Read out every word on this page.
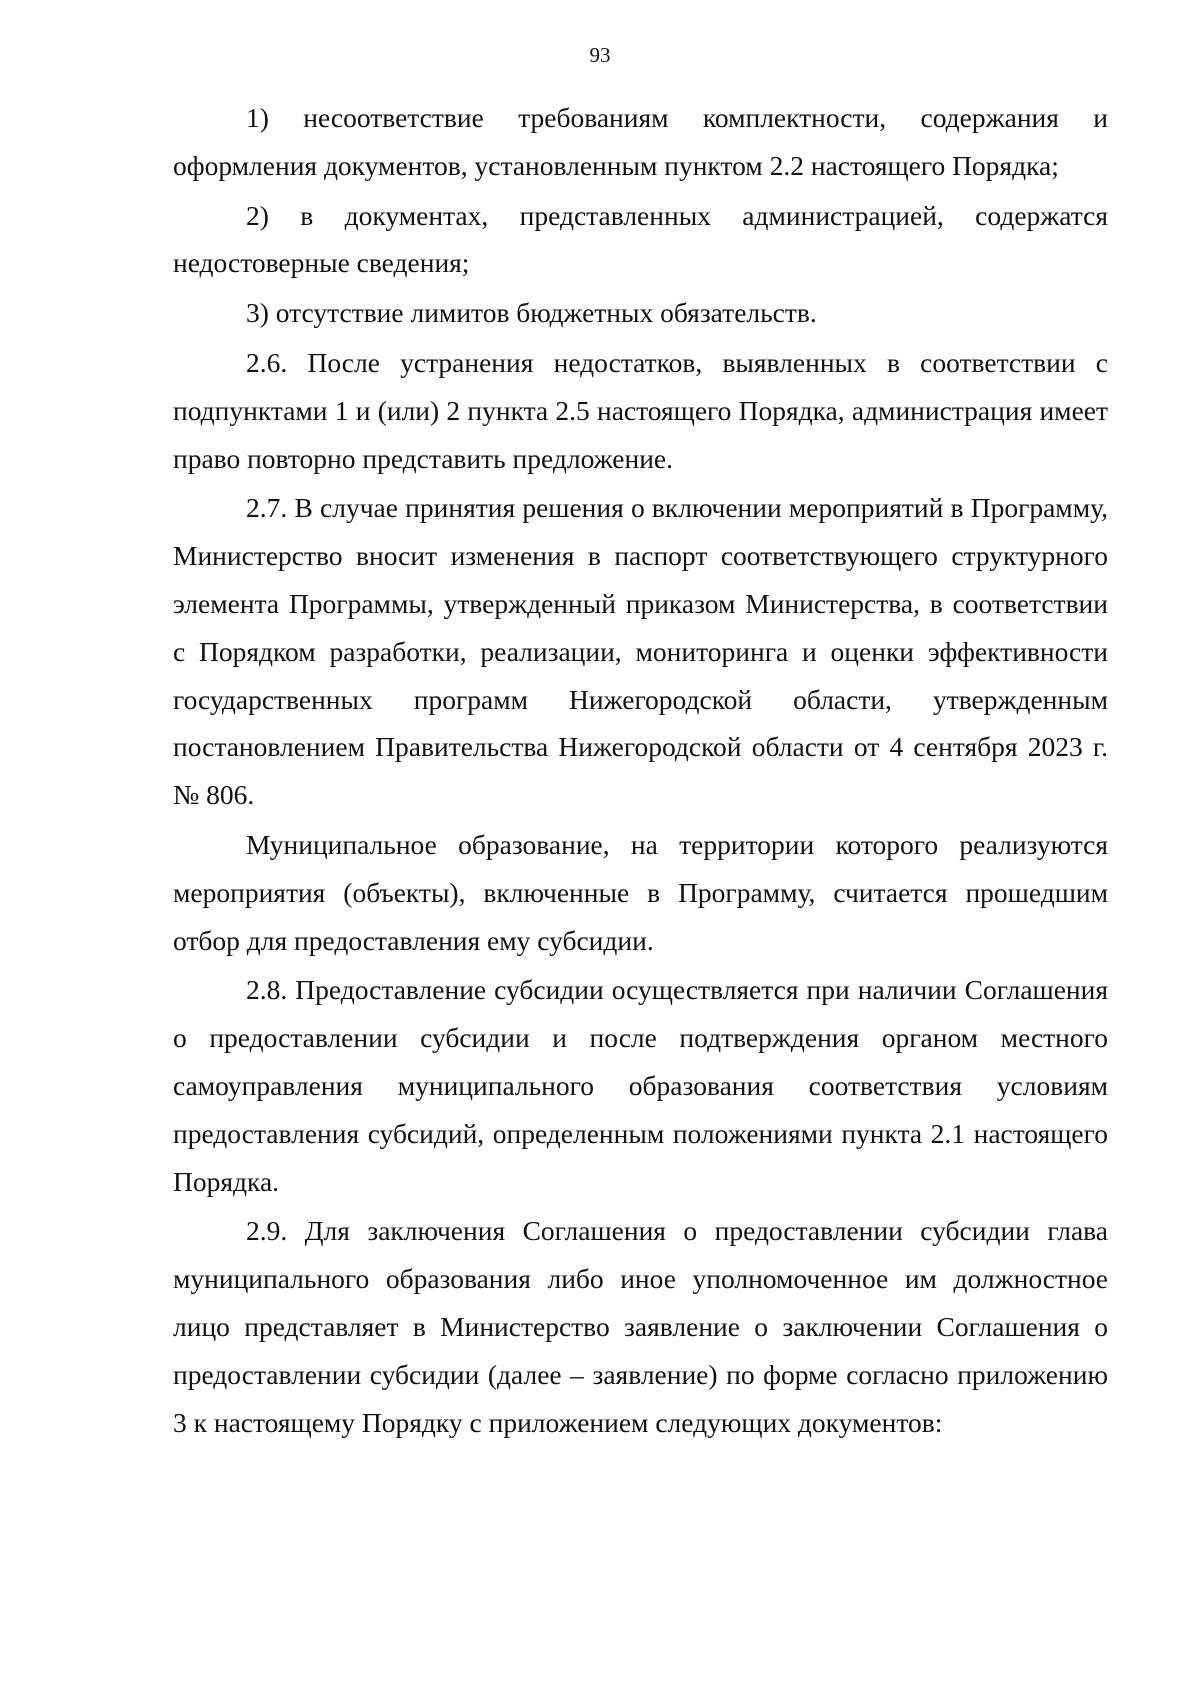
93

1) несоответствие требованиям комплектности, содержания и оформления документов, установленным пунктом 2.2 настоящего Порядка;

2) в документах, представленных администрацией, содержатся недостоверные сведения;

3) отсутствие лимитов бюджетных обязательств.

2.6. После устранения недостатков, выявленных в соответствии с подпунктами 1 и (или) 2 пункта 2.5 настоящего Порядка, администрация имеет право повторно представить предложение.

2.7. В случае принятия решения о включении мероприятий в Программу, Министерство вносит изменения в паспорт соответствующего структурного элемента Программы, утвержденный приказом Министерства, в соответствии с Порядком разработки, реализации, мониторинга и оценки эффективности государственных программ Нижегородской области, утвержденным постановлением Правительства Нижегородской области от 4 сентября 2023 г. № 806.

Муниципальное образование, на территории которого реализуются мероприятия (объекты), включенные в Программу, считается прошедшим отбор для предоставления ему субсидии.

2.8. Предоставление субсидии осуществляется при наличии Соглашения о предоставлении субсидии и после подтверждения органом местного самоуправления муниципального образования соответствия условиям предоставления субсидий, определенным положениями пункта 2.1 настоящего Порядка.

2.9. Для заключения Соглашения о предоставлении субсидии глава муниципального образования либо иное уполномоченное им должностное лицо представляет в Министерство заявление о заключении Соглашения о предоставлении субсидии (далее – заявление) по форме согласно приложению 3 к настоящему Порядку с приложением следующих документов:
